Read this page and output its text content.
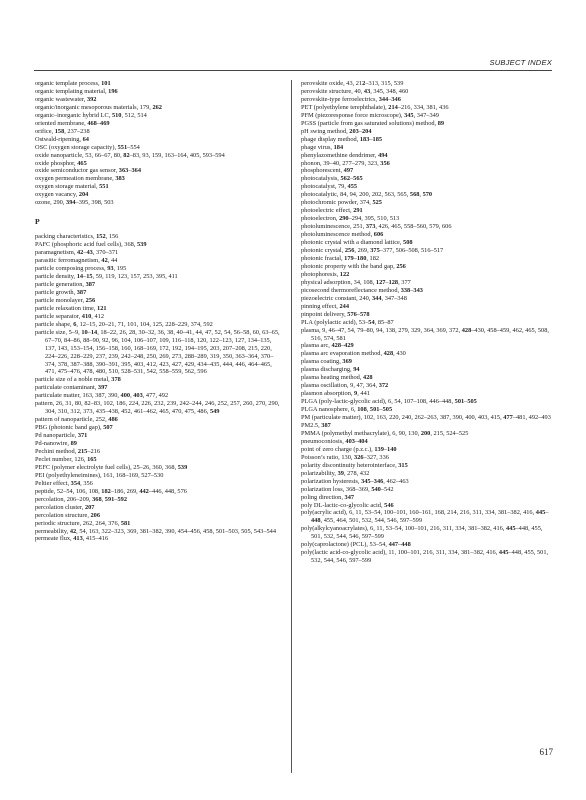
SUBJECT INDEX
organic template process, 101
organic templating material, 196
organic wastewater, 392
organic/inorganic mesoporous materials, 179, 262
organic–inorganic hybrid LC, 510, 512, 514
oriented membrane, 468–469
orifice, 158, 237–238
Ostwald-ripening, 64
OSC (oxygen storage capacity), 551–554
oxide nanoparticle, 53, 66–67, 80, 82–83, 93, 159, 163–164, 405, 593–594
oxide phosphor, 465
oxide semiconductor gas sensor, 363–364
oxygen permeation membrane, 383
oxygen storage material, 551
oxygen vacancy, 204
ozone, 290, 394–395, 398, 503
P
packing characteristics, 152, 156
PAFC (phosphoric acid fuel cells), 368, 539
paramagnetism, 42–43, 370–371
parasitic ferromagnetism, 42, 44
particle composing process, 93, 195
particle density, 14–15, 59, 119, 123, 157, 253, 395, 411
particle generation, 387
particle growth, 387
particle monolayer, 256
particle relaxation time, 121
particle separator, 410, 412
particle shape, 6, 12–15, 20–21, 71, 101, 104, 125, 228–229, 374, 592
particle size, 5–9, 10–14, 18–22, 26, 28, 30–32, 36, 38, 40–41, 44, 47, 52, 54, 56–58, 60, 63–65, 67–70, 84–86, 88–90, 92, 96, 104, 106–107, 109, 116–118, 120, 122–123, 127, 134–135, 137, 143, 153–154, 156–158, 160, 168–169, 172, 192, 194–195, 203, 207–208, 215, 220, 224–226, 228–229, 237, 239, 242–248, 250, 269, 273, 288–289, 319, 350, 363–364, 370–374, 378, 387–388, 390–391, 395, 403, 412, 423, 427, 429, 434–435, 444, 446, 464–465, 471, 475–476, 478, 480, 510, 528–531, 542, 558–559, 562, 596
particle size of a noble metal, 378
particulate contaminant, 397
particulate matter, 163, 387, 390, 400, 403, 477, 492
pattern, 26, 31, 80, 82–83, 102, 186, 224, 226, 232, 239, 242–244, 246, 252, 257, 260, 270, 290, 304, 310, 312, 373, 435–438, 452, 461–462, 465, 470, 475, 486, 549
pattern of nanoparticle, 252, 486
PBG (photonic band gap), 507
Pd nanoparticle, 371
Pd-nanowire, 89
Pechini method, 215–216
Peclet number, 126, 165
PEFC (polymer electrolyte fuel cells), 25–26, 360, 368, 539
PEI (polyethyleneimines), 161, 168–169, 527–530
Peltier effect, 354, 356
peptide, 52–54, 106, 108, 182–186, 269, 442–446, 448, 576
percolation, 206–209, 368, 591–592
percolation cluster, 207
percolation structure, 206
periodic structure, 262, 264, 376, 581
permeability, 42, 54, 163, 322–323, 369, 381–382, 390, 454–456, 458, 501–503, 505, 543–544
permeate flux, 413, 415–416
perovskite oxide, 43, 212–313, 315, 539
perovskite structure, 40, 43, 345, 348, 460
perovskite-type ferroelectrics, 344–346
PET (polyethylene terephthalate), 214–216, 334, 381, 436
PFM (piezoresponse force microscope), 345, 347–349
PGSS (particle from gas saturated solutions) method, 89
pH swing method, 203–204
phage display method, 183–185
phage virus, 184
phenylazomethine dendrimer, 494
phonon, 39–40, 277–279, 323, 356
phosphorescent, 497
photocatalysis, 562–565
photocatalyst, 79, 455
photocatalytic, 84, 94, 200, 202, 563, 565, 568, 570
photochromic powder, 374, 525
photoelectric effect, 291
photoelectron, 290–294, 395, 510, 513
photoluminescence, 251, 373, 426, 465, 558–560, 579, 606
photoluminescence method, 606
photonic crystal with a diamond lattice, 508
photonic crystal, 256, 269, 375–377, 506–508, 516–517
photonic fractal, 179–180, 182
photonic property with the band gap, 256
photophoresis, 122
physical adsorption, 34, 108, 127–128, 377
picosecond thermoreflectance method, 338–343
piezoelectric constant, 240, 344, 347–348
pinning effect, 244
pinpoint delivery, 576–578
PLA (polylactic acid), 53–54, 85–87
plasma, 9, 46–47, 54, 79–80, 94, 138, 279, 329, 364, 369, 372, 428–430, 458–459, 462, 465, 508, 516, 574, 581
plasma arc, 428–429
plasma arc evaporation method, 428, 430
plasma coating, 369
plasma discharging, 94
plasma heating method, 428
plasma oscillation, 9, 47, 364, 372
plasmon absorption, 9, 441
PLGA (poly-lactic-glycolic acid), 6, 54, 107–108, 446–448, 501–505
PLGA nanosphere, 6, 108, 501–505
PM (particulate matter), 102, 163, 220, 240, 262–263, 387, 390, 400, 403, 415, 477–481, 492–493
PM2.5, 387
PMMA (polymethyl methacrylate), 6, 90, 130, 200, 215, 524–525
pneumoconiosis, 403–404
point of zero charge (p.z.c.), 139–140
Poisson’s ratio, 130, 326–327, 336
polarity discontinuity heterointerface, 315
polarizability, 39, 278, 432
polarization hysteresis, 345–346, 462–463
polarization loss, 368–369, 540–542
poling direction, 347
poly DL-lactic-co-glycolic acid, 546
poly(acrylic acid), 6, 11, 53–54, 100–101, 160–161, 168, 214, 216, 311, 334, 381–382, 416, 445–448, 455, 464, 501, 532, 544, 546, 597–599
poly(alkylcyanoacrylates), 6, 11, 53–54, 100–101, 216, 311, 334, 381–382, 416, 445–448, 455, 501, 532, 544, 546, 597–599
poly(caprolactone) (PCL), 53–54, 447–448
poly(lactic acid-co-glycolic acid), 11, 100–101, 216, 311, 334, 381–382, 416, 445–448, 455, 501, 532, 544, 546, 597–599
617
